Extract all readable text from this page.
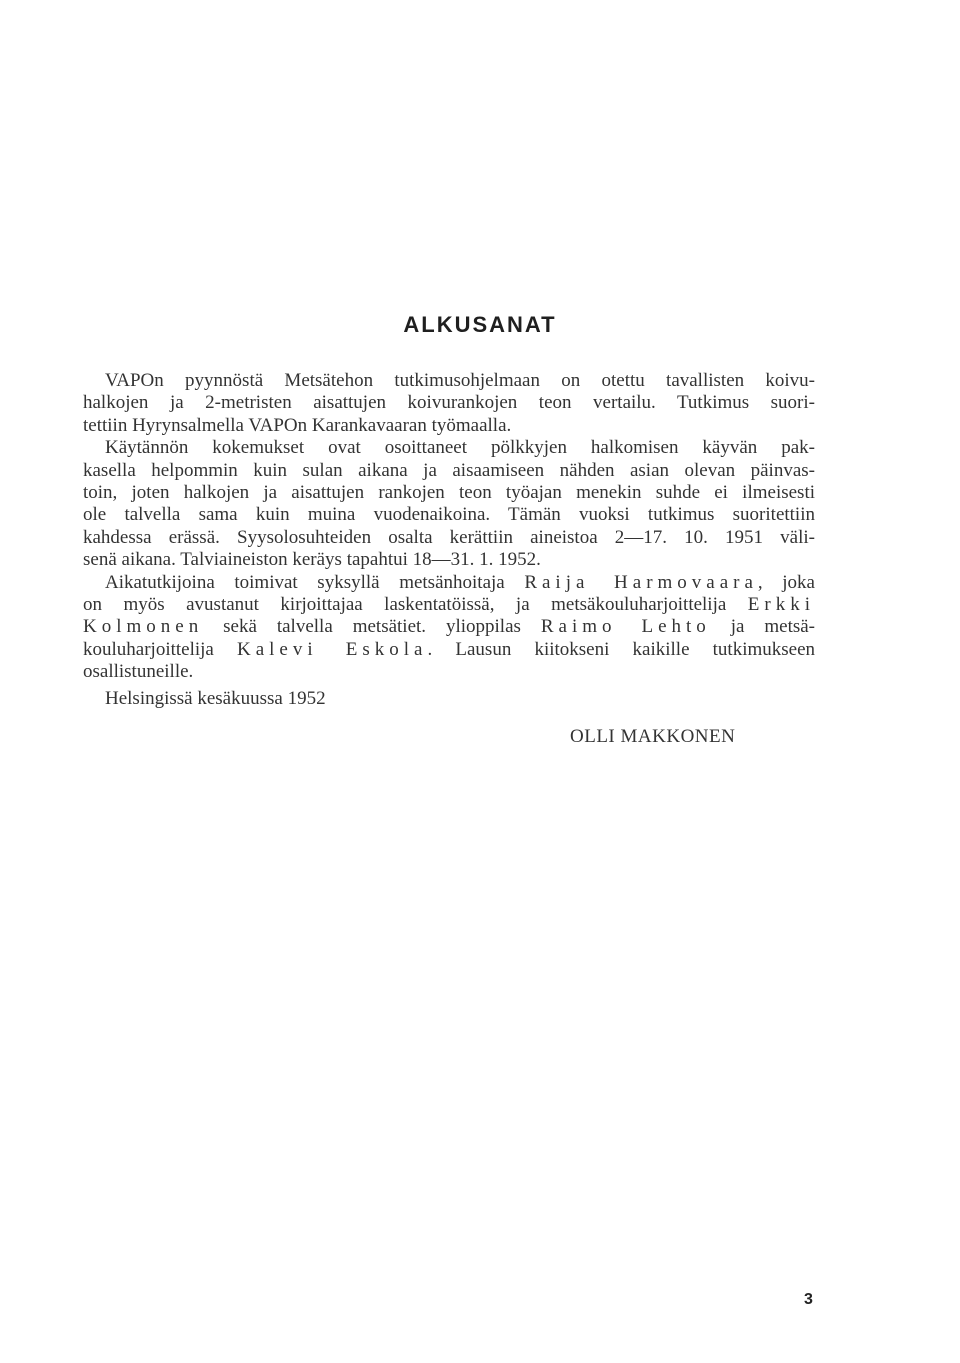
ALKUSANAT
VAPOn pyynnöstä Metsätehon tutkimusohjelmaan on otettu tavallisten koivu-
halkojen ja 2-metristen aisattujen koivurankojen teon vertailu. Tutkimus suori-
tettiin Hyrynsalmella VAPOn Karankavaaran työmaalla.
Käytännön kokemukset ovat osoittaneet pölkkyjen halkomisen käyvän pak-
kasella helpommin kuin sulan aikana ja aisaamiseen nähden asian olevan päinvas-
toin, joten halkojen ja aisattujen rankojen teon työajan menekin suhde ei ilmeisesti
ole talvella sama kuin muina vuodenaikoina. Tämän vuoksi tutkimus suoritettiin
kahdessa erässä. Syysolosuhteiden osalta kerättiin aineistoa 2—17. 10. 1951 väli-
senä aikana. Talviaineiston keräys tapahtui 18—31. 1. 1952.
Aikatutkijoina toimivat syksyllä metsänhoitaja Raija Harmovaara, joka
on myös avustanut kirjoittajaa laskentatöissä, ja metsäkouluharjoittelija Erkki
Kolmonen sekä talvella metsätiet. ylioppilas Raimo Lehto ja metsä-
kouluharjoittelija Kalevi Eskola. Lausun kiitokseni kaikille tutkimukseen
osallistuneille.
Helsingissä kesäkuussa 1952
OLLI MAKKONEN
3
